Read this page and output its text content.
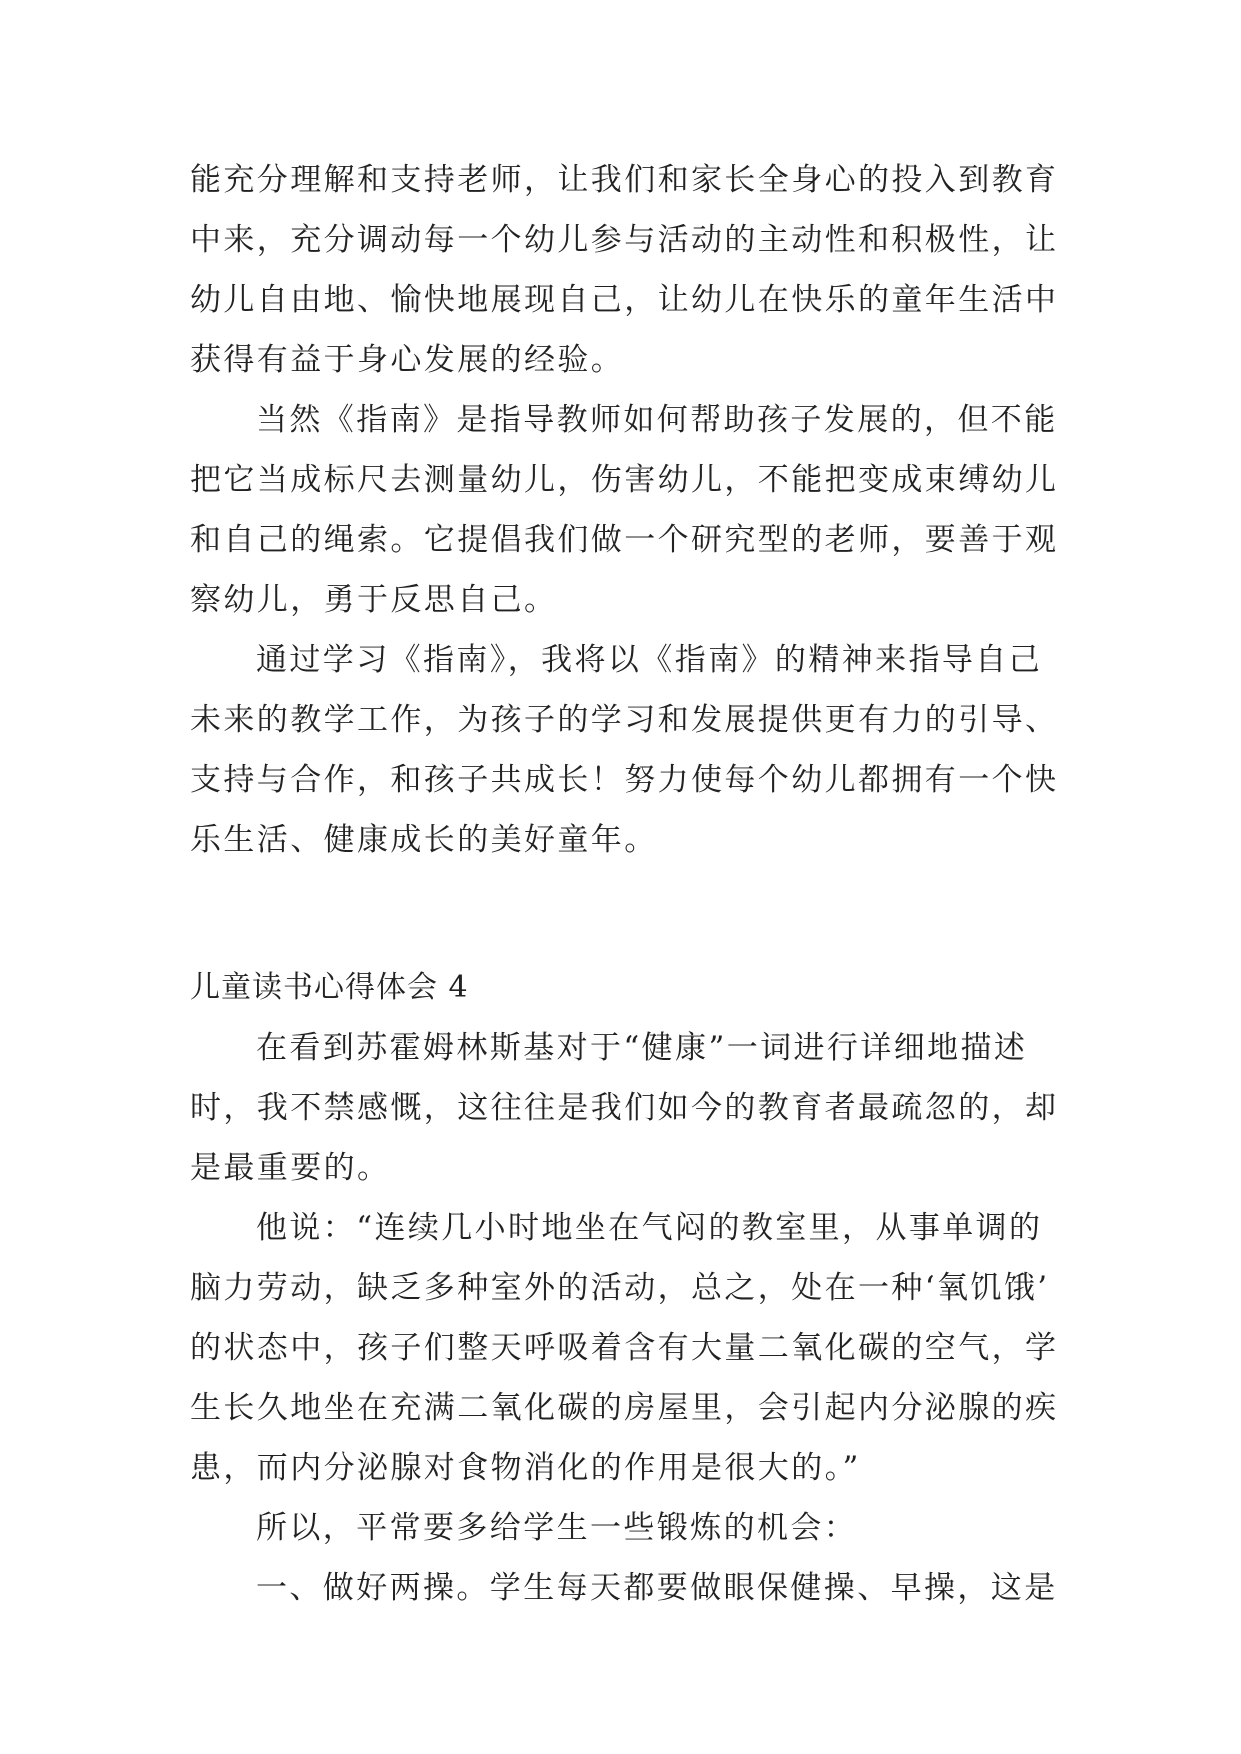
能充分理解和支持老师，让我们和家长全身心的投入到教育
中来，充分调动每一个幼儿参与活动的主动性和积极性，让
幼儿自由地、愉快地展现自己，让幼儿在快乐的童年生活中
获得有益于身心发展的经验。
当然《指南》是指导教师如何帮助孩子发展的，但不能
把它当成标尺去测量幼儿，伤害幼儿，不能把变成束缚幼儿
和自己的绳索。它提倡我们做一个研究型的老师，要善于观
察幼儿，勇于反思自己。
通过学习《指南》，我将以《指南》的精神来指导自己
未来的教学工作，为孩子的学习和发展提供更有力的引导、
支持与合作，和孩子共成长！努力使每个幼儿都拥有一个快
乐生活、健康成长的美好童年。
儿童读书心得体会 4
在看到苏霍姆林斯基对于“健康”一词进行详细地描述
时，我不禁感慨，这往往是我们如今的教育者最疏忽的，却
是最重要的。
他说：“连续几小时地坐在气闷的教室里，从事单调的
脑力劳动，缺乏多种室外的活动，总之，处在一种‘氧饥饿’
的状态中，孩子们整天呼吸着含有大量二氧化碳的空气，学
生长久地坐在充满二氧化碳的房屋里，会引起内分泌腺的疾
患，而内分泌腺对食物消化的作用是很大的。”
所以，平常要多给学生一些锻炼的机会：
一、做好两操。学生每天都要做眼保健操、早操，这是
